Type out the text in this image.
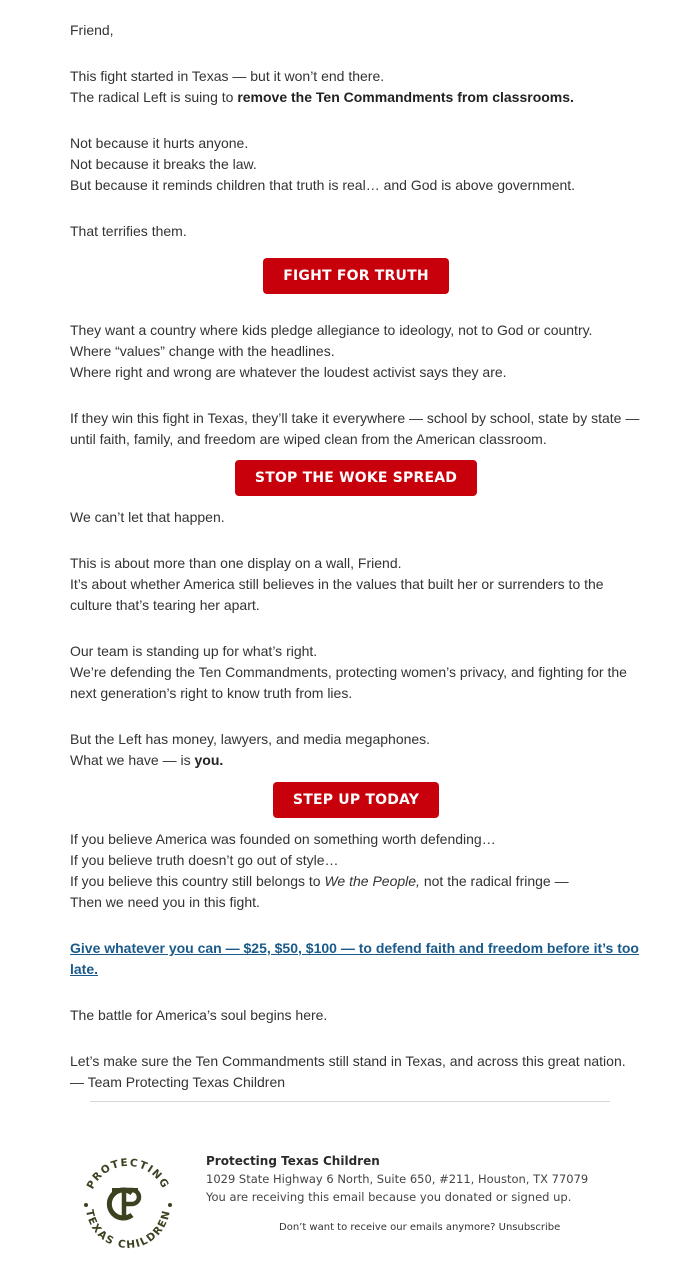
Friend,

This fight started in Texas — but it won’t end there.

The radical Left is suing to remove the Ten Commandments from classrooms.

Not because it hurts anyone.

Not because it breaks the law.

But because it reminds children that truth is real… and God is above government.

That terrifies them.

FIGHT FOR TRUTH

They want a country where kids pledge allegiance to ideology, not to God or country.

Where “values” change with the headlines.

Where right and wrong are whatever the loudest activist says they are.

If they win this fight in Texas, they’ll take it everywhere — school by school, state by state — until faith, family, and freedom are wiped clean from the American classroom.

STOP THE WOKE SPREAD

We can’t let that happen.

This is about more than one display on a wall, Friend.

It’s about whether America still believes in the values that built her or surrenders to the culture that’s tearing her apart.

Our team is standing up for what’s right.

We’re defending the Ten Commandments, protecting women’s privacy, and fighting for the next generation’s right to know truth from lies.

But the Left has money, lawyers, and media megaphones.

What we have — is you.

STEP UP TODAY

If you believe America was founded on something worth defending…

If you believe truth doesn’t go out of style…

If you believe this country still belongs to We the People, not the radical fringe —

Then we need you in this fight.

Give whatever you can — $25, $50, $100 — to defend faith and freedom before it’s too late.

The battle for America’s soul begins here.

Let’s make sure the Ten Commandments still stand in Texas, and across this great nation.

— Team Protecting Texas Children

PROTECTING
TEXAS CHILDREN
Protecting Texas Children
1029 State Highway 6 North, Suite 650, #211, Houston, TX 77079
You are receiving this email because you donated or signed up.
Don’t want to receive our emails anymore? Unsubscribe
